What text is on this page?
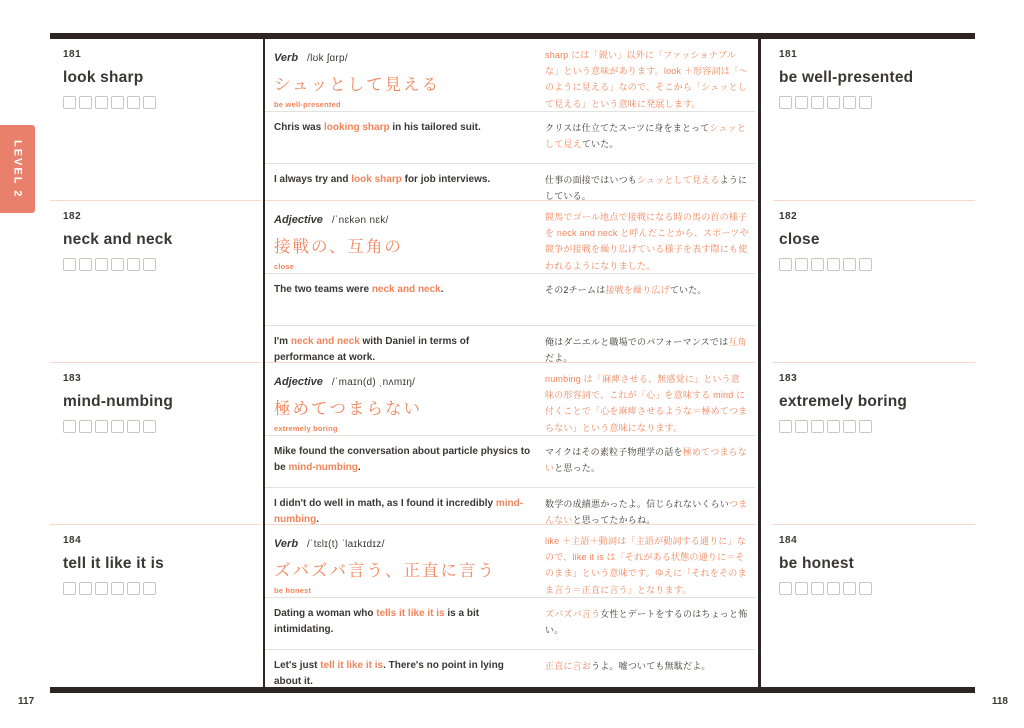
LEVEL 2
117	118
181
look sharp
182
neck and neck
183
mind-numbing
184
tell it like it is
Verb /lʊk ʃɑrp/
シュッとして見える
be well-presented
sharp には「鋭い」以外に「ファッショナブルな」という意味があります。look ＋形容詞は「〜のように見える」なので、そこから「シュッとして見える」という意味に発展します。
Chris was looking sharp in his tailored suit.	クリスは仕立てたスーツに身をまとってシュッとして見えていた。
I always try and look sharp for job interviews.	仕事の面接ではいつもシュッとして見えるようにしている。
Adjective /ˈnɛkən nɛk/
接戦の、互角の
close
競馬でゴール地点で接戦になる時の馬の首の様子を neck and neck と呼んだことから、スポーツや競争が接戦を繰り広げている様子を表す際にも使われるようになりました。
The two teams were neck and neck.	その2チームは接戦を繰り広げていた。
I'm neck and neck with Daniel in terms of performance at work.
俺はダニエルと職場でのパフォーマンスでは互角だよ。
Adjective /ˈmaɪn(d) ˌnʌmɪŋ/
極めてつまらない
extremely boring
numbing は「麻痺させる、無感覚に」という意味の形容詞で、これが「心」を意味する mind に付くことで「心を麻痺させるような＝極めてつまらない」という意味になります。
Mike found the conversation about particle physics to be mind-numbing.
マイクはその素粒子物理学の話を極めてつまらないと思った。
I didn't do well in math, as I found it incredibly mind-numbing.
数学の成績悪かったよ。信じられないくらいつまんないと思ってたからね。
Verb /ˈtɛlɪ(t) ˈlaɪkɪdɪz/
ズバズバ言う、正直に言う
be honest
like ＋主語＋動詞は「主語が動詞する通りに」なので、like it is は「それがある状態の通りに＝そのまま」という意味です。ゆえに「それをそのまま言う＝正直に言う」となります。
Dating a woman who tells it like it is is a bit intimidating.
ズバズバ言う女性とデートをするのはちょっと怖い。
Let's just tell it like it is. There's no point in lying about it.
正直に言おうよ。嘘ついても無駄だよ。
181
be well-presented
182
close
183
extremely boring
184
be honest
